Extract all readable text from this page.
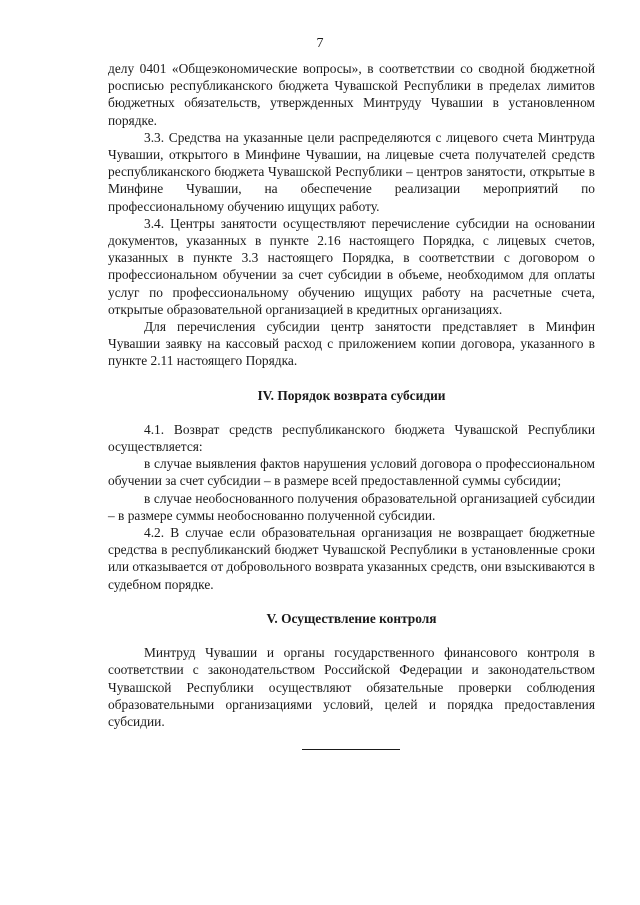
7

делу 0401 «Общеэкономические вопросы», в соответствии со сводной бюджетной росписью республиканского бюджета Чувашской Республики в пределах лимитов бюджетных обязательств, утвержденных Минтруду Чувашии в установленном порядке.

3.3. Средства на указанные цели распределяются с лицевого счета Минтруда Чувашии, открытого в Минфине Чувашии, на лицевые счета получателей средств республиканского бюджета Чувашской Республики – центров занятости, открытые в Минфине Чувашии, на обеспечение реализации мероприятий по профессиональному обучению ищущих работу.

3.4. Центры занятости осуществляют перечисление субсидии на основании документов, указанных в пункте 2.16 настоящего Порядка, с лицевых счетов, указанных в пункте 3.3 настоящего Порядка, в соответствии с договором о профессиональном обучении за счет субсидии в объеме, необходимом для оплаты услуг по профессиональному обучению ищущих работу на расчетные счета, открытые образовательной организацией в кредитных организациях.

Для перечисления субсидии центр занятости представляет в Минфин Чувашии заявку на кассовый расход с приложением копии договора, указанного в пункте 2.11 настоящего Порядка.

IV. Порядок возврата субсидии

4.1. Возврат средств республиканского бюджета Чувашской Республики осуществляется:

в случае выявления фактов нарушения условий договора о профессиональном обучении за счет субсидии – в размере всей предоставленной суммы субсидии;

в случае необоснованного получения образовательной организацией субсидии – в размере суммы необоснованно полученной субсидии.

4.2. В случае если образовательная организация не возвращает бюджетные средства в республиканский бюджет Чувашской Республики в установленные сроки или отказывается от добровольного возврата указанных средств, они взыскиваются в судебном порядке.

V. Осуществление контроля

Минтруд Чувашии и органы государственного финансового контроля в соответствии с законодательством Российской Федерации и законодательством Чувашской Республики осуществляют обязательные проверки соблюдения образовательными организациями условий, целей и порядка предоставления субсидии.
